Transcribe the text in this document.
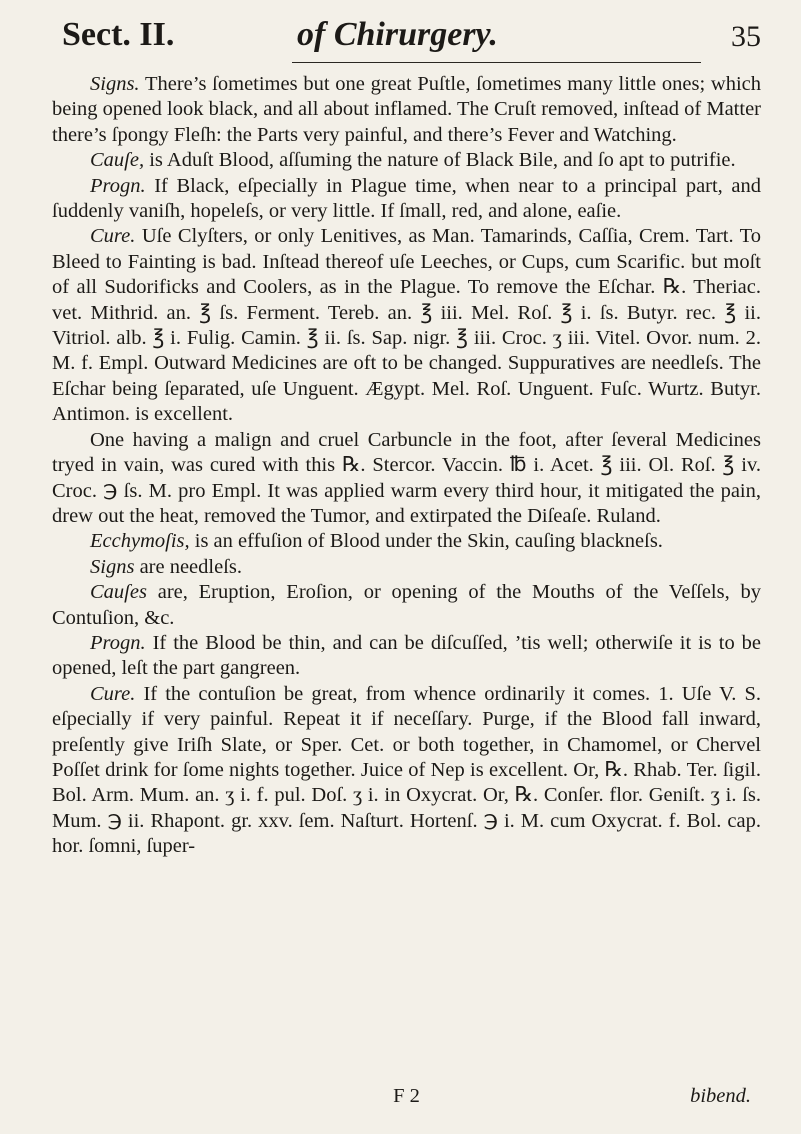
Sect. II.	of Chirurgery.	35

Signs. There’s ſometimes but one great Puſtle, ſometimes many little ones; which being opened look black, and all about inflamed. The Cruſt removed, inſtead of Matter there’s ſpongy Fleſh: the Parts very painful, and there’s Fever and Watching.

Cauſe, is Aduſt Blood, aſſuming the nature of Black Bile, and ſo apt to putrifie.

Progn. If Black, eſpecially in Plague time, when near to a principal part, and ſuddenly vaniſh, hopeleſs, or very little. If ſmall, red, and alone, eaſie.

Cure. Uſe Clyſters, or only Lenitives, as Man. Tamarinds, Caſſia, Crem. Tart. To Bleed to Fainting is bad. Inſtead thereof uſe Leeches, or Cups, cum Scarific. but moſt of all Sudorificks and Coolers, as in the Plague. To remove the Eſchar. ℞. Theriac. vet. Mithrid. an. ℥ ſs. Ferment. Tereb. an. ℥ iii. Mel. Roſ. ℥ i. ſs. Butyr. rec. ℥ ii. Vitriol. alb. ℥ i. Fulig. Camin. ℥ ii. ſs. Sap. nigr. ℥ iii. Croc. ʒ iii. Vitel. Ovor. num. 2. M. f. Empl. Outward Medicines are oft to be changed. Suppuratives are needleſs. The Eſchar being ſeparated, uſe Unguent. Ægypt. Mel. Roſ. Unguent. Fuſc. Wurtz. Butyr. Antimon. is excellent.

One having a malign and cruel Carbuncle in the foot, after ſeveral Medicines tryed in vain, was cured with this ℞. Stercor. Vaccin. ℔ i. Acet. ℥ iii. Ol. Roſ. ℥ iv. Croc. ℈ ſs. M. pro Empl. It was applied warm every third hour, it mitigated the pain, drew out the heat, removed the Tumor, and extirpated the Diſeaſe. Ruland.

Ecchymoſis, is an effuſion of Blood under the Skin, cauſing blackneſs.

Signs are needleſs.

Cauſes are, Eruption, Eroſion, or opening of the Mouths of the Veſſels, by Contuſion, &c.

Progn. If the Blood be thin, and can be diſcuſſed, ’tis well; otherwiſe it is to be opened, leſt the part gangreen.

Cure. If the contuſion be great, from whence ordinarily it comes. 1. Uſe V. S. eſpecially if very painful. Repeat it if neceſſary. Purge, if the Blood fall inward, preſently give Iriſh Slate, or Sper. Cet. or both together, in Chamomel, or Chervel Poſſet drink for ſome nights together. Juice of Nep is excellent. Or, ℞. Rhab. Ter. ſigil. Bol. Arm. Mum. an. ʒ i. f. pul. Doſ. ʒ i. in Oxycrat. Or, ℞. Conſer. flor. Geniſt. ʒ i. ſs. Mum. ℈ ii. Rhapont. gr. xxv. ſem. Naſturt. Hortenſ. ℈ i. M. cum Oxycrat. f. Bol. cap. hor. ſomni, ſuper-

F 2	bibend.
